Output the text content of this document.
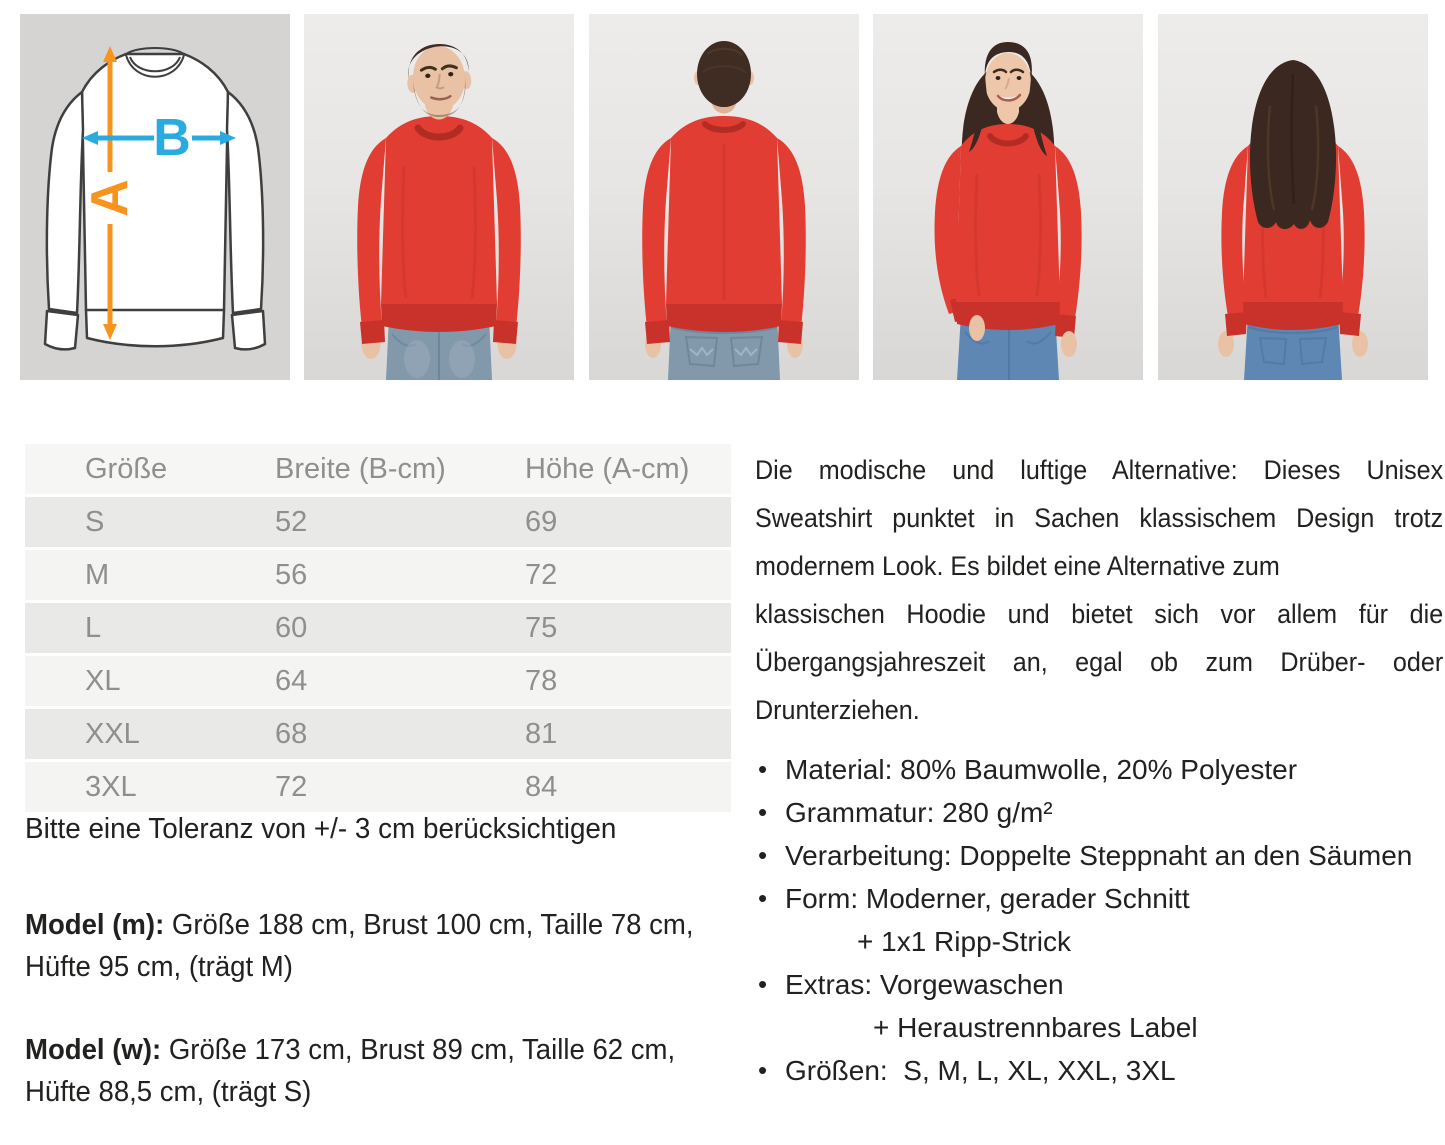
A
B
Größe	Breite (B-cm)	Höhe (A-cm)
S	52	69
M	56	72
L	60	75
XL	64	78
XXL	68	81
3XL	72	84

Bitte eine Toleranz von +/- 3 cm berücksichtigen

Model (m): Größe 188 cm, Brust 100 cm, Taille 78 cm,
Hüfte 95 cm, (trägt M)

Model (w): Größe 173 cm, Brust 89 cm, Taille 62 cm,
Hüfte 88,5 cm, (trägt S)

Die modische und luftige Alternative: Dieses Unisex
Sweatshirt punktet in Sachen klassischem Design trotz
modernem Look. Es bildet eine Alternative zum
klassischen Hoodie und bietet sich vor allem für die
Übergangsjahreszeit an, egal ob zum Drüber- oder
Drunterziehen.
• Material: 80% Baumwolle, 20% Polyester
• Grammatur: 280 g/m²
• Verarbeitung: Doppelte Steppnaht an den Säumen
• Form: Moderner, gerader Schnitt
+ 1x1 Ripp-Strick
• Extras: Vorgewaschen
+ Heraustrennbares Label
• Größen:  S, M, L, XL, XXL, 3XL
